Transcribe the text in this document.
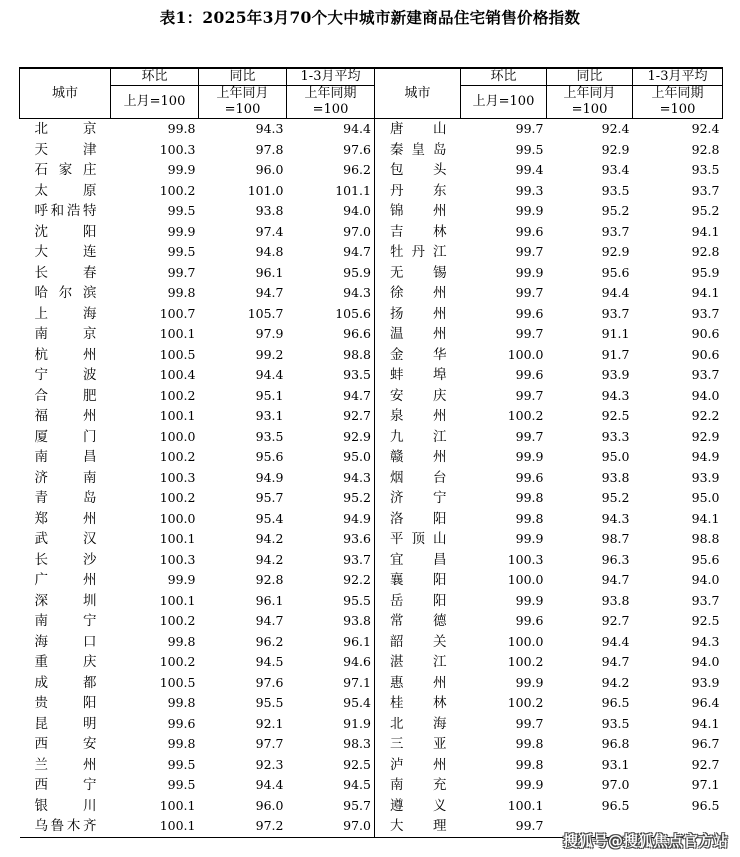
表1：2025年3月70个大中城市新建商品住宅销售价格指数
城市	环比	同比	1-3月平均	城市	环比	同比	1-3月平均
	上月=100	上年同月	上年同期		上月=100	上年同月	上年同期
		=100	=100			=100	=100
北京	99.8	94.3	94.4	唐山	99.7	92.4	92.4
天津	100.3	97.8	97.6	秦皇岛	99.5	92.9	92.8
石家庄	99.9	96.0	96.2	包头	99.4	93.4	93.5
太原	100.2	101.0	101.1	丹东	99.3	93.5	93.7
呼和浩特	99.5	93.8	94.0	锦州	99.9	95.2	95.2
沈阳	99.9	97.4	97.0	吉林	99.6	93.7	94.1
大连	99.5	94.8	94.7	牡丹江	99.7	92.9	92.8
长春	99.7	96.1	95.9	无锡	99.9	95.6	95.9
哈尔滨	99.8	94.7	94.3	徐州	99.7	94.4	94.1
上海	100.7	105.7	105.6	扬州	99.6	93.7	93.7
南京	100.1	97.9	96.6	温州	99.7	91.1	90.6
杭州	100.5	99.2	98.8	金华	100.0	91.7	90.6
宁波	100.4	94.4	93.5	蚌埠	99.6	93.9	93.7
合肥	100.2	95.1	94.7	安庆	99.7	94.3	94.0
福州	100.1	93.1	92.7	泉州	100.2	92.5	92.2
厦门	100.0	93.5	92.9	九江	99.7	93.3	92.9
南昌	100.2	95.6	95.0	赣州	99.9	95.0	94.9
济南	100.3	94.9	94.3	烟台	99.6	93.8	93.9
青岛	100.2	95.7	95.2	济宁	99.8	95.2	95.0
郑州	100.0	95.4	94.9	洛阳	99.8	94.3	94.1
武汉	100.1	94.2	93.6	平顶山	99.9	98.7	98.8
长沙	100.3	94.2	93.7	宜昌	100.3	96.3	95.6
广州	99.9	92.8	92.2	襄阳	100.0	94.7	94.0
深圳	100.1	96.1	95.5	岳阳	99.9	93.8	93.7
南宁	100.2	94.7	93.8	常德	99.6	92.7	92.5
海口	99.8	96.2	96.1	韶关	100.0	94.4	94.3
重庆	100.2	94.5	94.6	湛江	100.2	94.7	94.0
成都	100.5	97.6	97.1	惠州	99.9	94.2	93.9
贵阳	99.8	95.5	95.4	桂林	100.2	96.5	96.4
昆明	99.6	92.1	91.9	北海	99.7	93.5	94.1
西安	99.8	97.7	98.3	三亚	99.8	96.8	96.7
兰州	99.5	92.3	92.5	泸州	99.8	93.1	92.7
西宁	99.5	94.4	94.5	南充	99.9	97.0	97.1
银川	100.1	96.0	95.7	遵义	100.1	96.5	96.5
乌鲁木齐	100.1	97.2	97.0	大理	99.7		
搜狐号@搜狐焦点官方站
